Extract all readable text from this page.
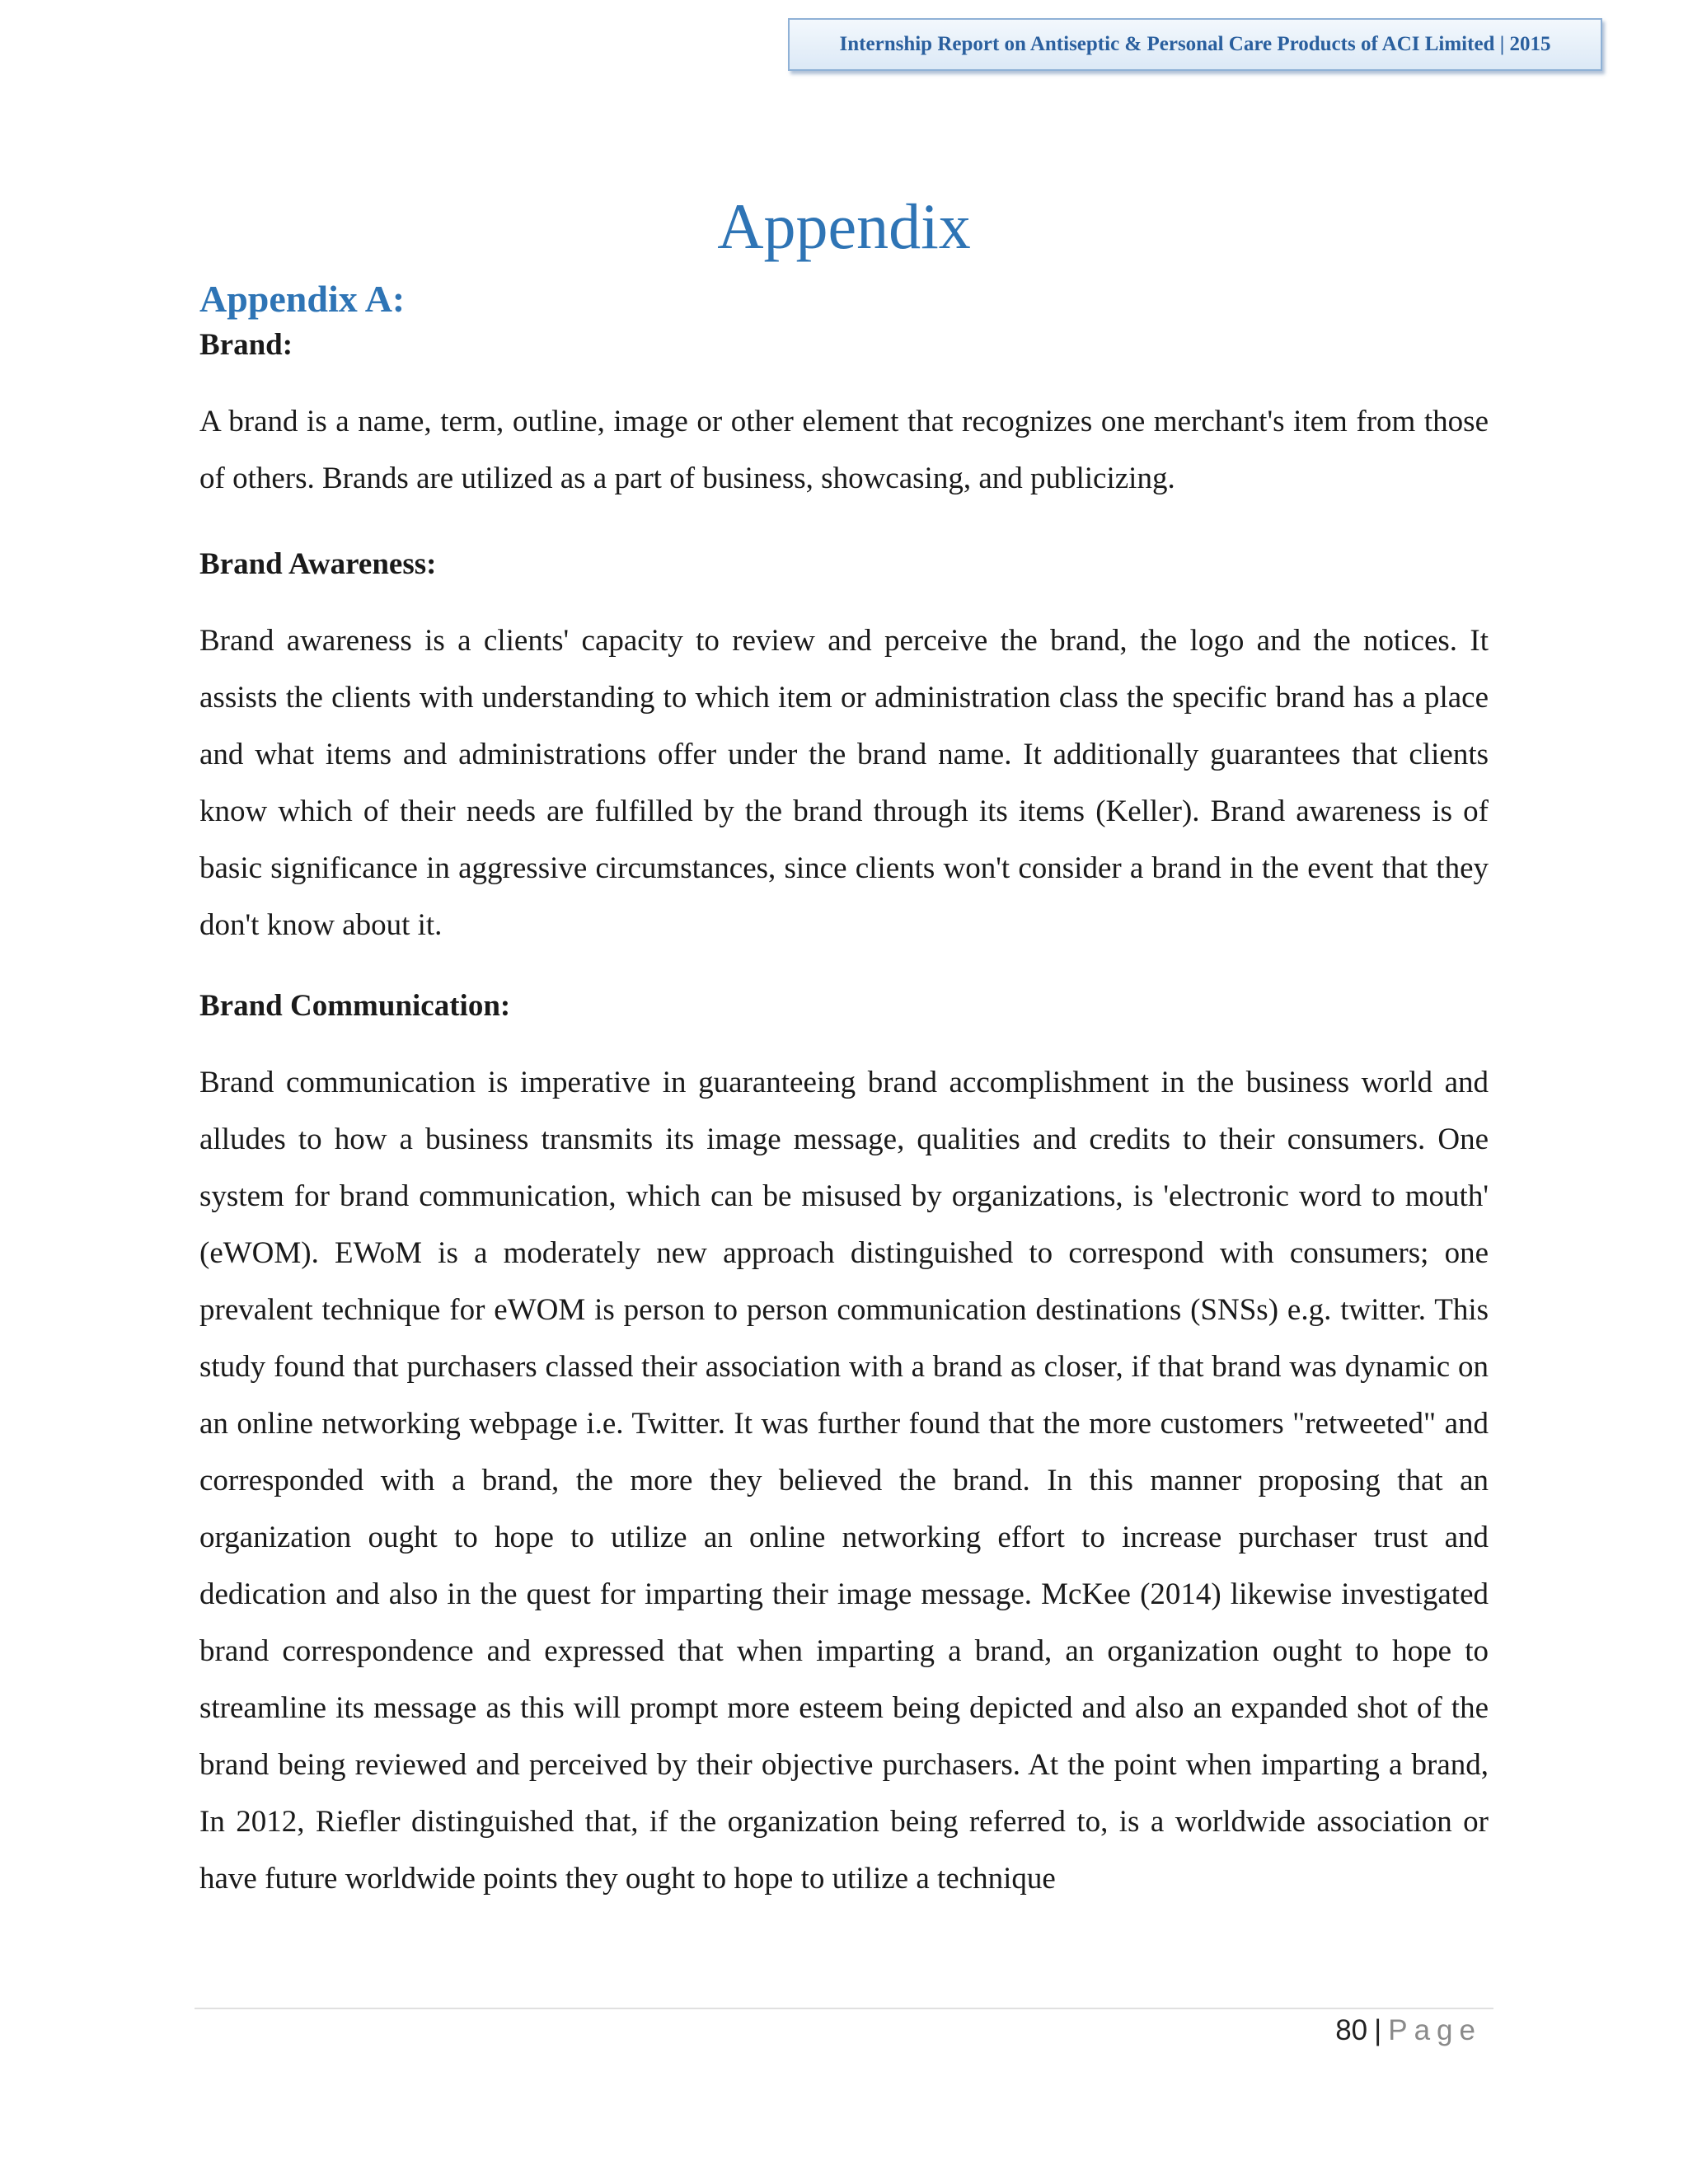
Internship Report on Antiseptic & Personal Care Products of ACI Limited | 2015
Appendix
Appendix A:
Brand:

A brand is a name, term, outline, image or other element that recognizes one merchant's item from those of others. Brands are utilized as a part of business, showcasing, and publicizing.

Brand Awareness:

Brand awareness is a clients' capacity to review and perceive the brand, the logo and the notices. It assists the clients with understanding to which item or administration class the specific brand has a place and what items and administrations offer under the brand name. It additionally guarantees that clients know which of their needs are fulfilled by the brand through its items (Keller). Brand awareness is of basic significance in aggressive circumstances, since clients won't consider a brand in the event that they don't know about it.

Brand Communication:

Brand communication is imperative in guaranteeing brand accomplishment in the business world and alludes to how a business transmits its image message, qualities and credits to their consumers. One system for brand communication, which can be misused by organizations, is 'electronic word to mouth' (eWOM). EWoM is a moderately new approach distinguished to correspond with consumers; one prevalent technique for eWOM is person to person communication destinations (SNSs) e.g. twitter. This study found that purchasers classed their association with a brand as closer, if that brand was dynamic on an online networking webpage i.e. Twitter. It was further found that the more customers "retweeted" and corresponded with a brand, the more they believed the brand. In this manner proposing that an organization ought to hope to utilize an online networking effort to increase purchaser trust and dedication and also in the quest for imparting their image message. McKee (2014) likewise investigated brand correspondence and expressed that when imparting a brand, an organization ought to hope to streamline its message as this will prompt more esteem being depicted and also an expanded shot of the brand being reviewed and perceived by their objective purchasers. At the point when imparting a brand, In 2012, Riefler distinguished that, if the organization being referred to, is a worldwide association or have future worldwide points they ought to hope to utilize a technique

80 | Page
